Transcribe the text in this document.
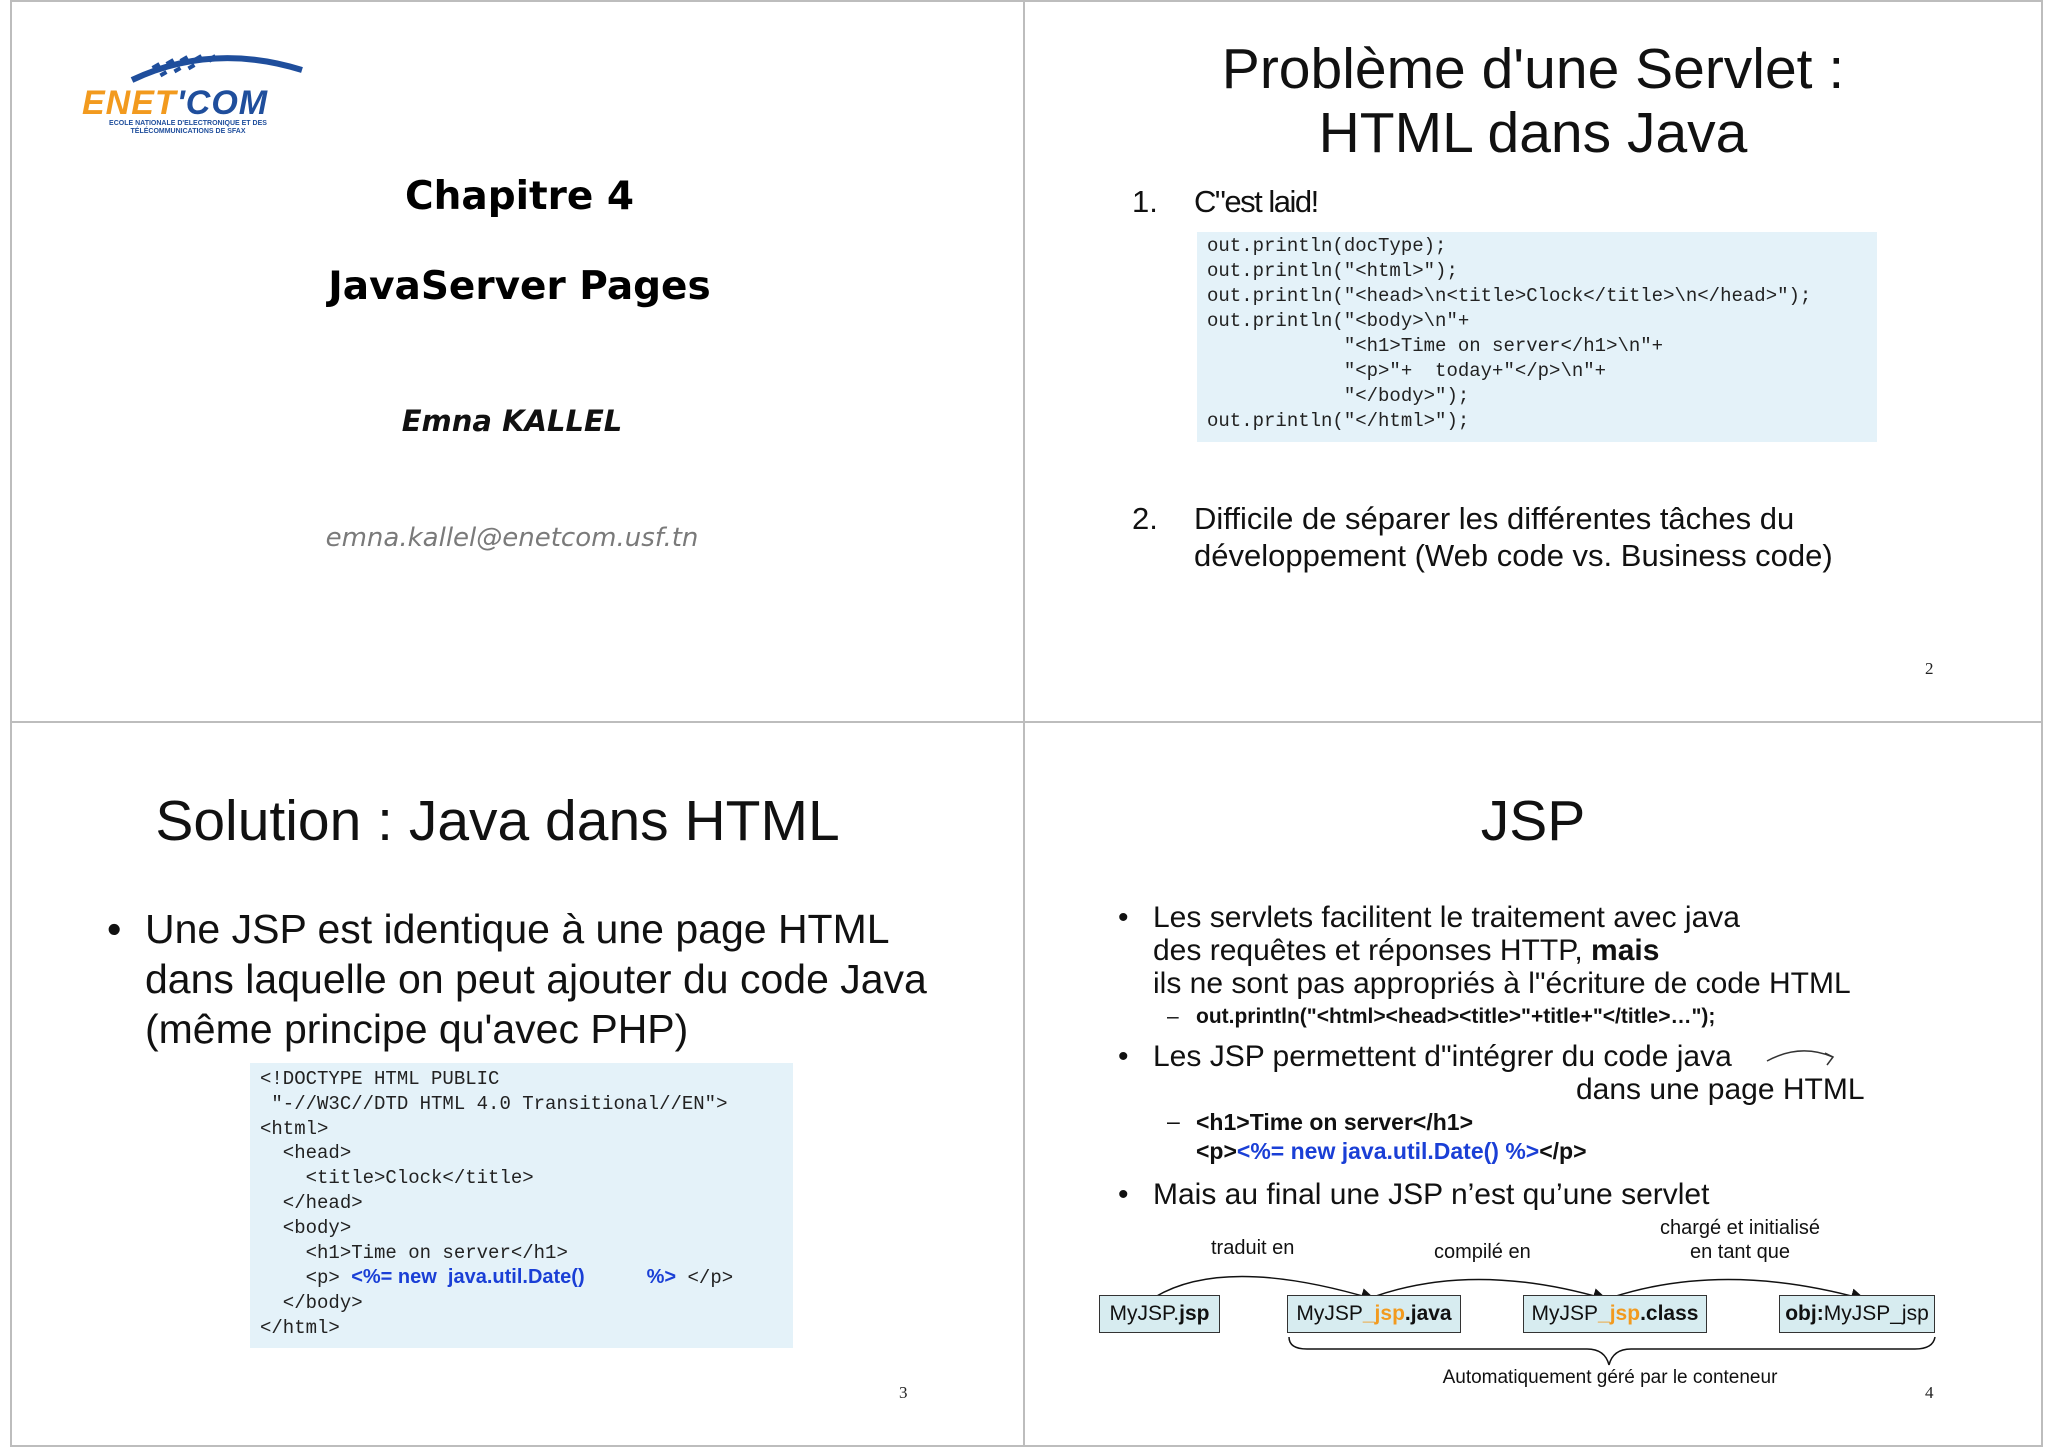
ENET'COM
ECOLE NATIONALE D'ELECTRONIQUE ET DES TÉLÉCOMMUNICATIONS DE SFAX
Chapitre 4
JavaServer Pages
Emna KALLEL
emna.kallel@enetcom.usf.tn
Problème d'une Servlet :
HTML dans Java
1. C"est laid!
out.println(docType);
out.println("<html>");
out.println("<head>\n<title>Clock</title>\n</head>");
out.println("<body>\n"+
"<h1>Time on server</h1>\n"+
"<p>"+  today+"</p>\n"+
"</body>");
out.println("</html>");
2. Difficile de séparer les différentes tâches du
développement (Web code vs. Business code)
2
Solution : Java dans HTML
• Une JSP est identique à une page HTML
dans laquelle on peut ajouter du code Java
(même principe qu'avec PHP)
<!DOCTYPE HTML PUBLIC
"-//W3C//DTD HTML 4.0 Transitional//EN">
<html>
<head>
<title>Clock</title>
</head>
<body>
<h1>Time on server</h1>
<p> <%= new  java.util.Date()	%> </p>
</body>
</html>
3
JSP
• Les servlets facilitent le traitement avec java
des requêtes et réponses HTTP, mais
ils ne sont pas appropriés à l"écriture de code HTML
– out.println("<html><head><title>"+title+"</title>…");
• Les JSP permettent d"intégrer du code java
dans une page HTML
– <h1>Time on server</h1>
<p><%= new java.util.Date() %></p>
• Mais au final une JSP n’est qu’une servlet
traduit en	compilé en
chargé et initialisé
en tant que
MyJSP.jsp	MyJSP_jsp.java	MyJSP_jsp.class	obj:MyJSP_jsp
Automatiquement géré par le conteneur
4
